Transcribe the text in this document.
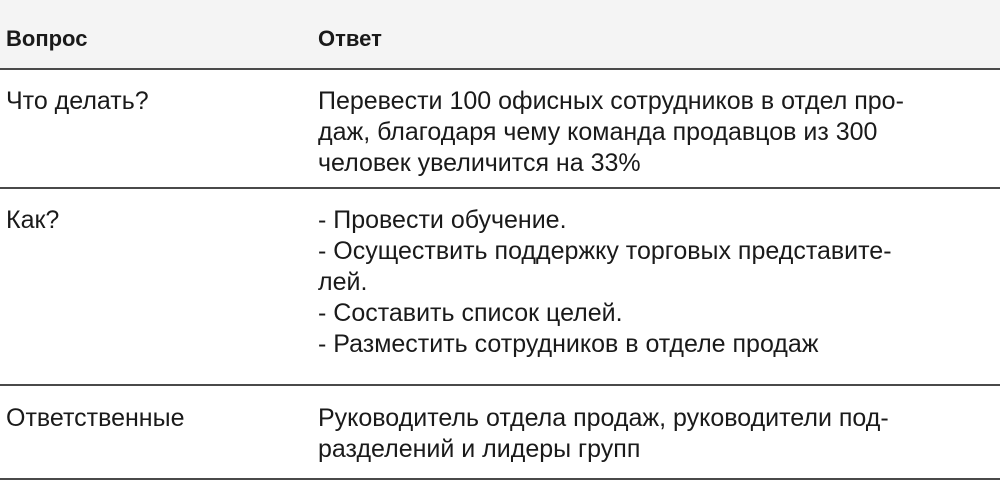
Вопрос	Ответ
Что делать?	Перевести 100 офисных сотрудников в отдел про-
даж, благодаря чему команда продавцов из 300
человек увеличится на 33%
Как?	- Провести обучение.
- Осуществить поддержку торговых представите-
лей.
- Составить список целей.
- Разместить сотрудников в отделе продаж
Ответственные	Руководитель отдела продаж, руководители под-
разделений и лидеры групп
